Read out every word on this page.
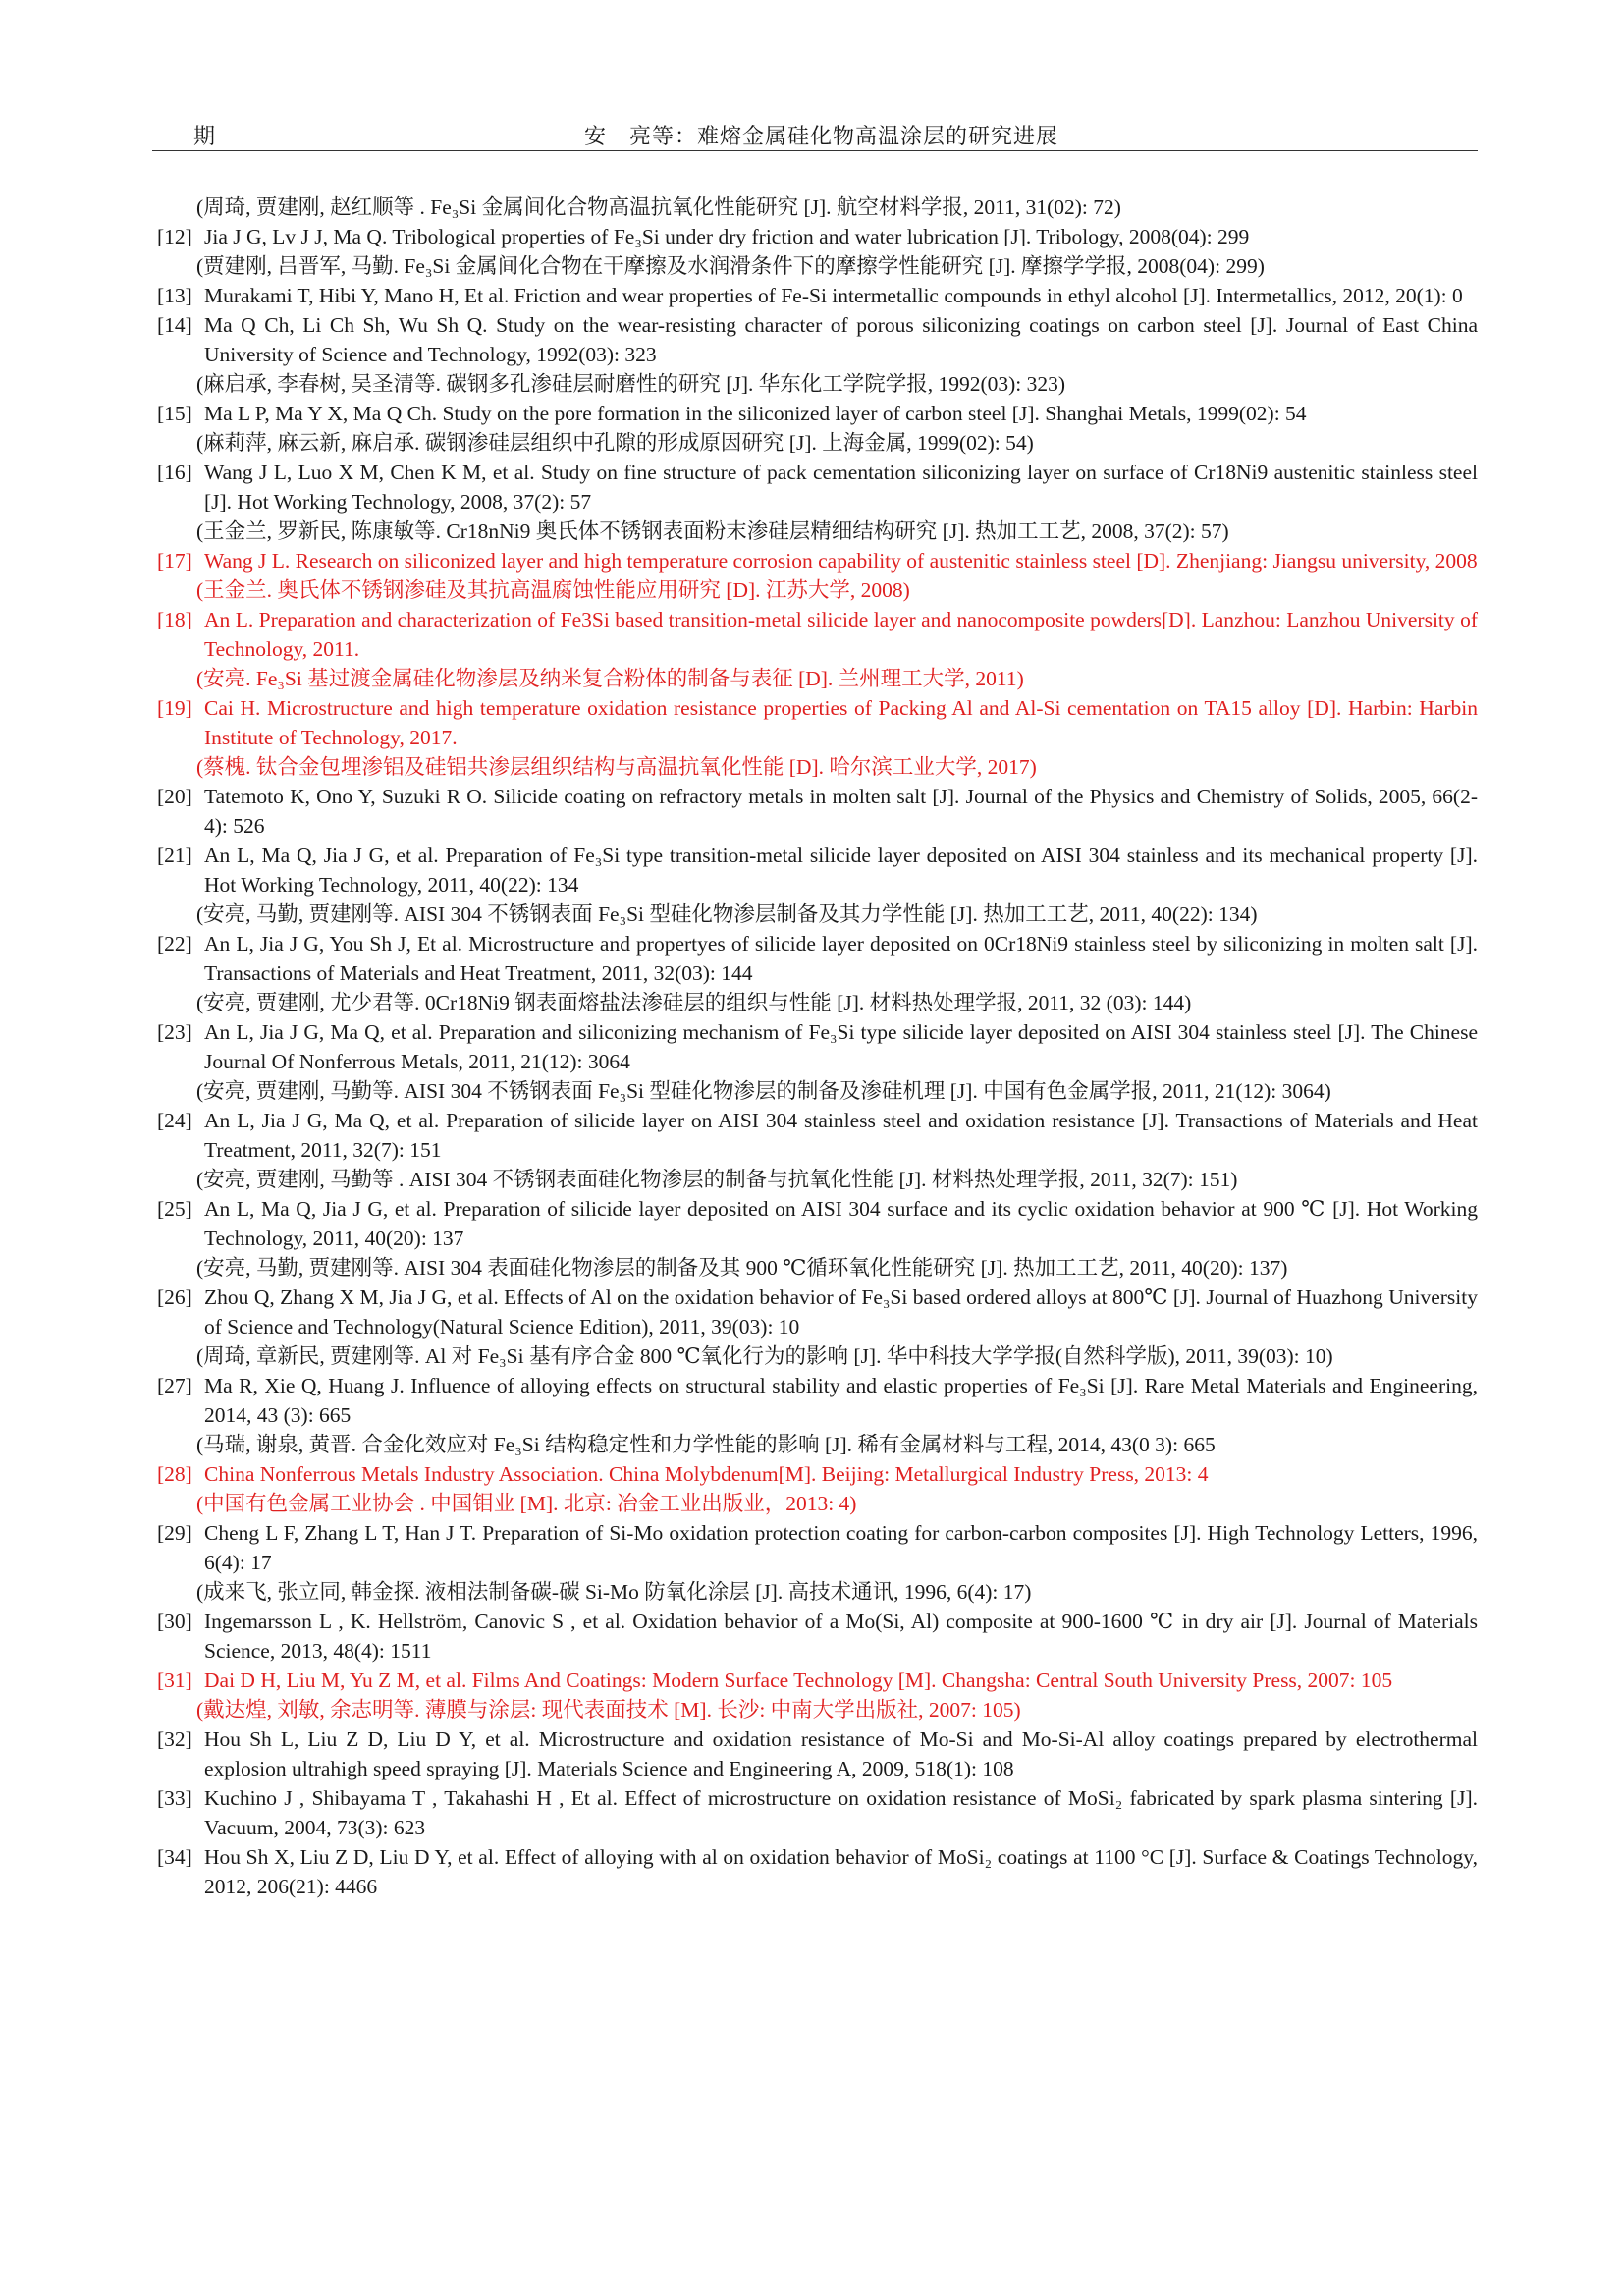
期	安　亮等：难熔金属硅化物高温涂层的研究进展
(周琦, 贾建刚, 赵红顺等 . Fe₃Si 金属间化合物高温抗氧化性能研究 [J]. 航空材料学报, 2011, 31(02): 72)
[12] Jia J G, Lv J J, Ma Q. Tribological properties of Fe₃Si under dry friction and water lubrication [J]. Tribology, 2008(04): 299
(贾建刚, 吕晋军, 马勤. Fe₃Si 金属间化合物在干摩擦及水润滑条件下的摩擦学性能研究 [J]. 摩擦学学报, 2008(04): 299)
[13] Murakami T, Hibi Y, Mano H, Et al. Friction and wear properties of Fe-Si intermetallic compounds in ethyl alcohol [J]. Intermetallics, 2012, 20(1): 0
[14] Ma Q Ch, Li Ch Sh, Wu Sh Q. Study on the wear-resisting character of porous siliconizing coatings on carbon steel [J]. Journal of East China University of Science and Technology, 1992(03): 323
(麻启承, 李春树, 吴圣清等. 碳钢多孔渗硅层耐磨性的研究 [J]. 华东化工学院学报, 1992(03): 323)
[15] Ma L P, Ma Y X, Ma Q Ch. Study on the pore formation in the siliconized layer of carbon steel [J]. Shanghai Metals, 1999(02): 54
(麻莉萍, 麻云新, 麻启承. 碳钢渗硅层组织中孔隙的形成原因研究 [J]. 上海金属, 1999(02): 54)
[16] Wang J L, Luo X M, Chen K M, et al. Study on fine structure of pack cementation siliconizing layer on surface of Cr18Ni9 austenitic stainless steel [J]. Hot Working Technology, 2008, 37(2): 57
(王金兰, 罗新民, 陈康敏等. Cr18nNi9 奥氏体不锈钢表面粉末渗硅层精细结构研究 [J]. 热加工工艺, 2008, 37(2): 57)
[17] Wang J L. Research on siliconized layer and high temperature corrosion capability of austenitic stainless steel [D]. Zhenjiang: Jiangsu university, 2008
(王金兰. 奥氏体不锈钢渗硅及其抗高温腐蚀性能应用研究 [D]. 江苏大学, 2008)
[18] An L. Preparation and characterization of Fe3Si based transition-metal silicide layer and nanocomposite powders[D]. Lanzhou: Lanzhou University of Technology, 2011.
(安亮. Fe₃Si 基过渡金属硅化物渗层及纳米复合粉体的制备与表征 [D]. 兰州理工大学, 2011)
[19] Cai H. Microstructure and high temperature oxidation resistance properties of Packing Al and Al-Si cementation on TA15 alloy [D]. Harbin: Harbin Institute of Technology, 2017.
(蔡槐. 钛合金包埋渗铝及硅铝共渗层组织结构与高温抗氧化性能 [D]. 哈尔滨工业大学, 2017)
[20] Tatemoto K, Ono Y, Suzuki R O. Silicide coating on refractory metals in molten salt [J]. Journal of the Physics and Chemistry of Solids, 2005, 66(2-4): 526
[21] An L, Ma Q, Jia J G, et al. Preparation of Fe₃Si type transition-metal silicide layer deposited on AISI 304 stainless and its mechanical property [J]. Hot Working Technology, 2011, 40(22): 134
(安亮, 马勤, 贾建刚等. AISI 304 不锈钢表面 Fe₃Si 型硅化物渗层制备及其力学性能 [J]. 热加工工艺, 2011, 40(22): 134)
[22] An L, Jia J G, You Sh J, Et al. Microstructure and propertyes of silicide layer deposited on 0Cr18Ni9 stainless steel by siliconizing in molten salt [J]. Transactions of Materials and Heat Treatment, 2011, 32(03): 144
(安亮, 贾建刚, 尤少君等. 0Cr18Ni9 钢表面熔盐法渗硅层的组织与性能 [J]. 材料热处理学报, 2011, 32 (03): 144)
[23] An L, Jia J G, Ma Q, et al. Preparation and siliconizing mechanism of Fe₃Si type silicide layer deposited on AISI 304 stainless steel [J]. The Chinese Journal Of Nonferrous Metals, 2011, 21(12): 3064
(安亮, 贾建刚, 马勤等. AISI 304 不锈钢表面 Fe₃Si 型硅化物渗层的制备及渗硅机理 [J]. 中国有色金属学报, 2011, 21(12): 3064)
[24] An L, Jia J G, Ma Q, et al. Preparation of silicide layer on AISI 304 stainless steel and oxidation resistance [J]. Transactions of Materials and Heat Treatment, 2011, 32(7): 151
(安亮, 贾建刚, 马勤等 . AISI 304 不锈钢表面硅化物渗层的制备与抗氧化性能 [J]. 材料热处理学报, 2011, 32(7): 151)
[25] An L, Ma Q, Jia J G, et al. Preparation of silicide layer deposited on AISI 304 surface and its cyclic oxidation behavior at 900 ℃ [J]. Hot Working Technology, 2011, 40(20): 137
(安亮, 马勤, 贾建刚等. AISI 304 表面硅化物渗层的制备及其 900 ℃循环氧化性能研究 [J]. 热加工工艺, 2011, 40(20): 137)
[26] Zhou Q, Zhang X M, Jia J G, et al. Effects of Al on the oxidation behavior of Fe₃Si based ordered alloys at 800℃ [J]. Journal of Huazhong University of Science and Technology(Natural Science Edition), 2011, 39(03): 10
(周琦, 章新民, 贾建刚等. Al 对 Fe₃Si 基有序合金 800 ℃氧化行为的影响 [J]. 华中科技大学学报(自然科学版), 2011, 39(03): 10)
[27] Ma R, Xie Q, Huang J. Influence of alloying effects on structural stability and elastic properties of Fe₃Si [J]. Rare Metal Materials and Engineering, 2014, 43 (3): 665
(马瑞, 谢泉, 黄晋. 合金化效应对 Fe₃Si 结构稳定性和力学性能的影响 [J]. 稀有金属材料与工程, 2014, 43(0 3): 665
[28] China Nonferrous Metals Industry Association. China Molybdenum[M]. Beijing: Metallurgical Industry Press, 2013: 4
(中国有色金属工业协会 . 中国钼业 [M]. 北京: 冶金工业出版业，2013: 4)
[29] Cheng L F, Zhang L T, Han J T. Preparation of Si-Mo oxidation protection coating for carbon-carbon composites [J]. High Technology Letters, 1996, 6(4): 17
(成来飞, 张立同, 韩金探. 液相法制备碳-碳 Si-Mo 防氧化涂层 [J]. 高技术通讯, 1996, 6(4): 17)
[30] Ingemarsson L , K. Hellström, Canovic S , et al. Oxidation behavior of a Mo(Si, Al) composite at 900-1600 ℃ in dry air [J]. Journal of Materials Science, 2013, 48(4): 1511
[31] Dai D H, Liu M, Yu Z M, et al. Films And Coatings: Modern Surface Technology [M]. Changsha: Central South University Press, 2007: 105
(戴达煌, 刘敏, 余志明等. 薄膜与涂层: 现代表面技术 [M]. 长沙: 中南大学出版社, 2007: 105)
[32] Hou Sh L, Liu Z D, Liu D Y, et al. Microstructure and oxidation resistance of Mo-Si and Mo-Si-Al alloy coatings prepared by electrothermal explosion ultrahigh speed spraying [J]. Materials Science and Engineering A, 2009, 518(1): 108
[33] Kuchino J , Shibayama T , Takahashi H , Et al. Effect of microstructure on oxidation resistance of MoSi₂ fabricated by spark plasma sintering [J]. Vacuum, 2004, 73(3): 623
[34] Hou Sh X, Liu Z D, Liu D Y, et al. Effect of alloying with al on oxidation behavior of MoSi₂ coatings at 1100 °C [J]. Surface & Coatings Technology, 2012, 206(21): 4466
